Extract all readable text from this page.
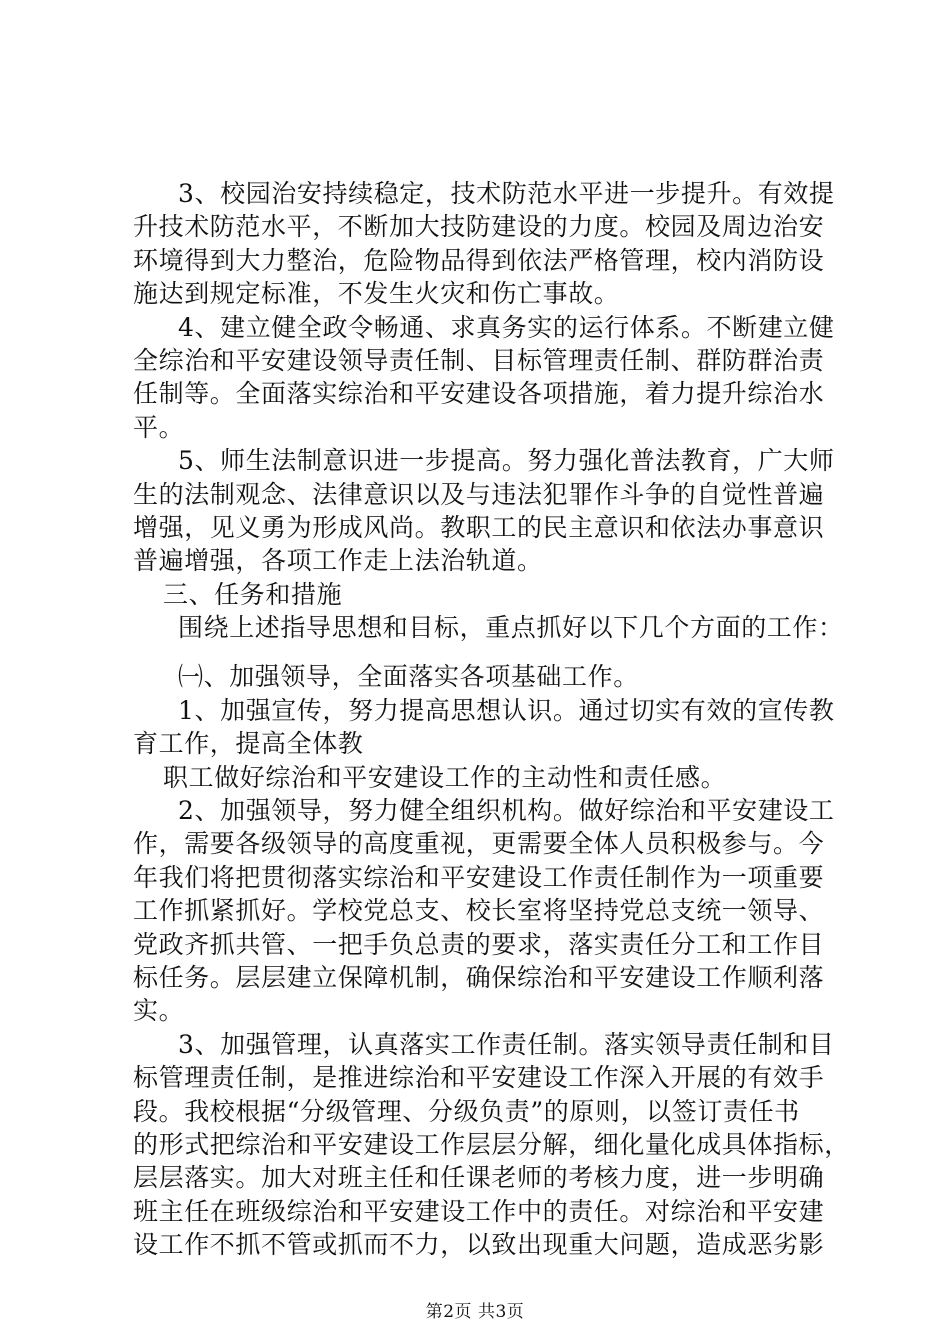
3、校园治安持续稳定，技术防范水平进一步提升。有效提
升技术防范水平，不断加大技防建设的力度。校园及周边治安
环境得到大力整治，危险物品得到依法严格管理，校内消防设
施达到规定标准，不发生火灾和伤亡事故。

4、建立健全政令畅通、求真务实的运行体系。不断建立健
全综治和平安建设领导责任制、目标管理责任制、群防群治责
任制等。全面落实综治和平安建设各项措施，着力提升综治水
平。

5、师生法制意识进一步提高。努力强化普法教育，广大师
生的法制观念、法律意识以及与违法犯罪作斗争的自觉性普遍
增强，见义勇为形成风尚。教职工的民主意识和依法办事意识
普遍增强，各项工作走上法治轨道。

三、任务和措施

围绕上述指导思想和目标，重点抓好以下几个方面的工作：

㈠、加强领导，全面落实各项基础工作。

1、加强宣传，努力提高思想认识。通过切实有效的宣传教
育工作，提高全体教

职工做好综治和平安建设工作的主动性和责任感。

2、加强领导，努力健全组织机构。做好综治和平安建设工
作，需要各级领导的高度重视，更需要全体人员积极参与。今
年我们将把贯彻落实综治和平安建设工作责任制作为一项重要
工作抓紧抓好。学校党总支、校长室将坚持党总支统一领导、
党政齐抓共管、一把手负总责的要求，落实责任分工和工作目
标任务。层层建立保障机制，确保综治和平安建设工作顺利落
实。

3、加强管理，认真落实工作责任制。落实领导责任制和目
标管理责任制，是推进综治和平安建设工作深入开展的有效手
段。我校根据“分级管理、分级负责”的原则，以签订责任书
的形式把综治和平安建设工作层层分解，细化量化成具体指标，
层层落实。加大对班主任和任课老师的考核力度，进一步明确
班主任在班级综治和平安建设工作中的责任。对综治和平安建
设工作不抓不管或抓而不力，以致出现重大问题，造成恶劣影

第2页 共3页
